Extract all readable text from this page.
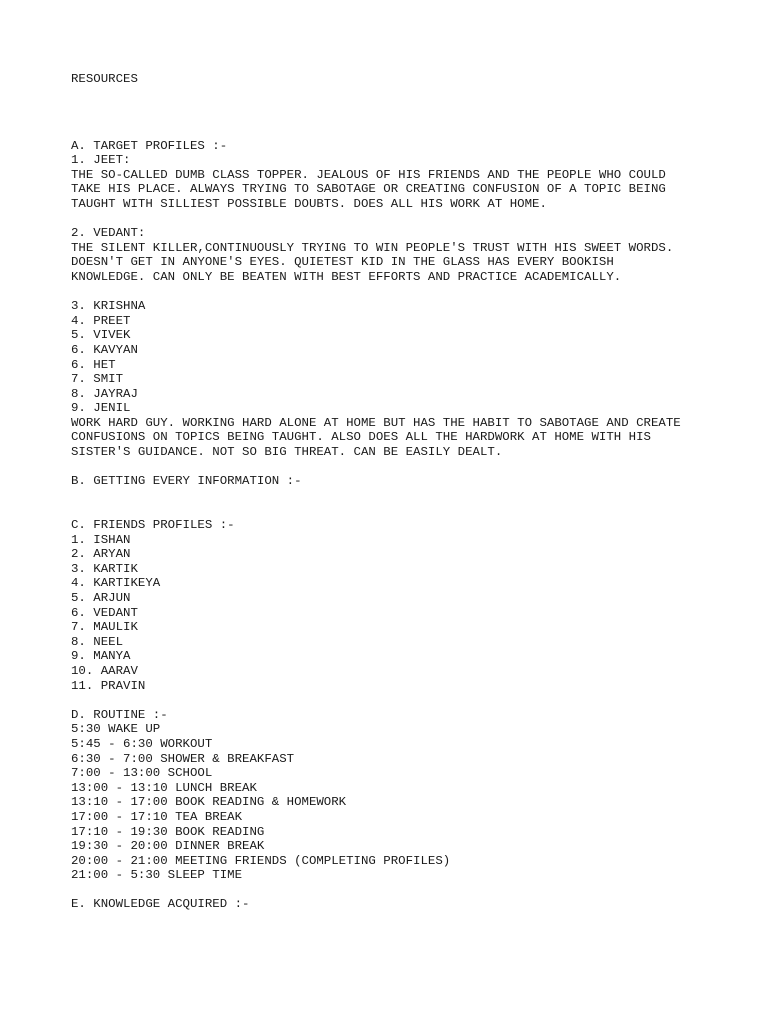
RESOURCES
A. TARGET PROFILES :-
1. JEET:
THE SO-CALLED DUMB CLASS TOPPER. JEALOUS OF HIS FRIENDS AND THE PEOPLE WHO COULD
TAKE HIS PLACE. ALWAYS TRYING TO SABOTAGE OR CREATING CONFUSION OF A TOPIC BEING
TAUGHT WITH SILLIEST POSSIBLE DOUBTS. DOES ALL HIS WORK AT HOME.
2. VEDANT:
THE SILENT KILLER,CONTINUOUSLY TRYING TO WIN PEOPLE'S TRUST WITH HIS SWEET WORDS.
DOESN'T GET IN ANYONE'S EYES. QUIETEST KID IN THE GLASS HAS EVERY BOOKISH
KNOWLEDGE. CAN ONLY BE BEATEN WITH BEST EFFORTS AND PRACTICE ACADEMICALLY.
3. KRISHNA
4. PREET
5. VIVEK
6. KAVYAN
6. HET
7. SMIT
8. JAYRAJ
9. JENIL
WORK HARD GUY. WORKING HARD ALONE AT HOME BUT HAS THE HABIT TO SABOTAGE AND CREATE
CONFUSIONS ON TOPICS BEING TAUGHT. ALSO DOES ALL THE HARDWORK AT HOME WITH HIS
SISTER'S GUIDANCE. NOT SO BIG THREAT. CAN BE EASILY DEALT.
B. GETTING EVERY INFORMATION :-
C. FRIENDS PROFILES :-
1. ISHAN
2. ARYAN
3. KARTIK
4. KARTIKEYA
5. ARJUN
6. VEDANT
7. MAULIK
8. NEEL
9. MANYA
10. AARAV
11. PRAVIN
D. ROUTINE :-
5:30 WAKE UP
5:45 - 6:30 WORKOUT
6:30 - 7:00 SHOWER & BREAKFAST
7:00 - 13:00 SCHOOL
13:00 - 13:10 LUNCH BREAK
13:10 - 17:00 BOOK READING & HOMEWORK
17:00 - 17:10 TEA BREAK
17:10 - 19:30 BOOK READING
19:30 - 20:00 DINNER BREAK
20:00 - 21:00 MEETING FRIENDS (COMPLETING PROFILES)
21:00 - 5:30 SLEEP TIME
E. KNOWLEDGE ACQUIRED :-
